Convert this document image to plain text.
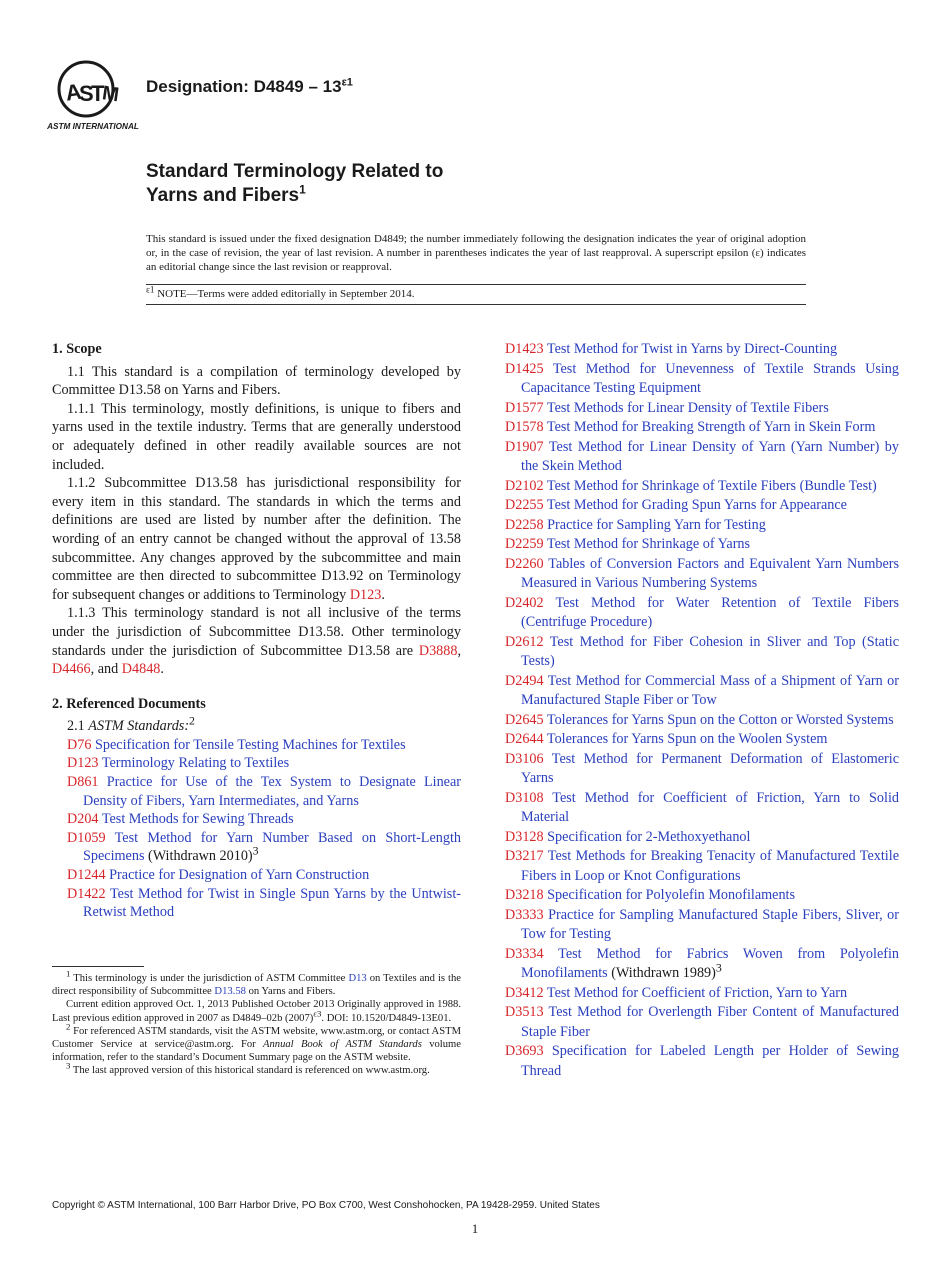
A
S
T
M
ASTM INTERNATIONAL
Designation: $D4849 - 13^{\varepsilon 1}$
Standard Terminology Related to
Yarns and Fibers$^1$
This standard is issued under the fixed designation D4849; the number immediately following the designation indicates the year of original adoption or, in the case of revision, the year of last revision. A number in parentheses indicates the year of last reapproval. A superscript epsilon (ε) indicates an editorial change since the last revision or reapproval.
$^{\varepsilon 1}$ NOTE—Terms were added editorially in September 2014.
1. Scope

1.1 This standard is a compilation of terminology developed by Committee D13.58 on Yarns and Fibers.

1.1.1 This terminology, mostly definitions, is unique to fibers and yarns used in the textile industry. Terms that are generally understood or adequately defined in other readily available sources are not included.

1.1.2 Subcommittee D13.58 has jurisdictional responsibility for every item in this standard. The standards in which the terms and definitions are used are listed by number after the definition. The wording of an entry cannot be changed without the approval of 13.58 subcommittee. Any changes approved by the subcommittee and main committee are then directed to subcommittee D13.92 on Terminology for subsequent changes or additions to Terminology D123.

1.1.3 This terminology standard is not all inclusive of the terms under the jurisdiction of Subcommittee D13.58. Other terminology standards under the jurisdiction of Subcommittee D13.58 are D3888, D4466, and D4848.

2. Referenced Documents

2.1 ASTM Standards:$^2$

D76 Specification for Tensile Testing Machines for Textiles

D123 Terminology Relating to Textiles

D861 Practice for Use of the Tex System to Designate Linear Density of Fibers, Yarn Intermediates, and Yarns

D204 Test Methods for Sewing Threads

D1059 Test Method for Yarn Number Based on Short-Length Specimens (Withdrawn 2010)$^3$

D1244 Practice for Designation of Yarn Construction

D1422 Test Method for Twist in Single Spun Yarns by the Untwist-Retwist Method

D1423 Test Method for Twist in Yarns by Direct-Counting

D1425 Test Method for Unevenness of Textile Strands Using Capacitance Testing Equipment

D1577 Test Methods for Linear Density of Textile Fibers

D1578 Test Method for Breaking Strength of Yarn in Skein Form

D1907 Test Method for Linear Density of Yarn (Yarn Number) by the Skein Method

D2102 Test Method for Shrinkage of Textile Fibers (Bundle Test)

D2255 Test Method for Grading Spun Yarns for Appearance

D2258 Practice for Sampling Yarn for Testing

D2259 Test Method for Shrinkage of Yarns

D2260 Tables of Conversion Factors and Equivalent Yarn Numbers Measured in Various Numbering Systems

D2402 Test Method for Water Retention of Textile Fibers (Centrifuge Procedure)

D2612 Test Method for Fiber Cohesion in Sliver and Top (Static Tests)

D2494 Test Method for Commercial Mass of a Shipment of Yarn or Manufactured Staple Fiber or Tow

D2645 Tolerances for Yarns Spun on the Cotton or Worsted Systems

D2644 Tolerances for Yarns Spun on the Woolen System

D3106 Test Method for Permanent Deformation of Elastomeric Yarns

D3108 Test Method for Coefficient of Friction, Yarn to Solid Material

D3128 Specification for 2-Methoxyethanol

D3217 Test Methods for Breaking Tenacity of Manufactured Textile Fibers in Loop or Knot Configurations

D3218 Specification for Polyolefin Monofilaments

D3333 Practice for Sampling Manufactured Staple Fibers, Sliver, or Tow for Testing

D3334 Test Method for Fabrics Woven from Polyolefin Monofilaments (Withdrawn 1989)$^3$

D3412 Test Method for Coefficient of Friction, Yarn to Yarn

D3513 Test Method for Overlength Fiber Content of Manufactured Staple Fiber

D3693 Specification for Labeled Length per Holder of Sewing Thread

$^1$ This terminology is under the jurisdiction of ASTM Committee D13 on Textiles and is the direct responsibility of Subcommittee D13.58 on Yarns and Fibers.

Current edition approved Oct. 1, 2013 Published October 2013 Originally approved in 1988. Last previous edition approved in 2007 as D4849–02b $(2007)^{\varepsilon 3}$. DOI: 10.1520/D4849-13E01.

$^2$ For referenced ASTM standards, visit the ASTM website, www.astm.org, or contact ASTM Customer Service at service@astm.org. For Annual Book of ASTM Standards volume information, refer to the standard’s Document Summary page on the ASTM website.

$^3$ The last approved version of this historical standard is referenced on www.astm.org.

Copyright © ASTM International, 100 Barr Harbor Drive, PO Box C700, West Conshohocken, PA 19428-2959. United States
1
